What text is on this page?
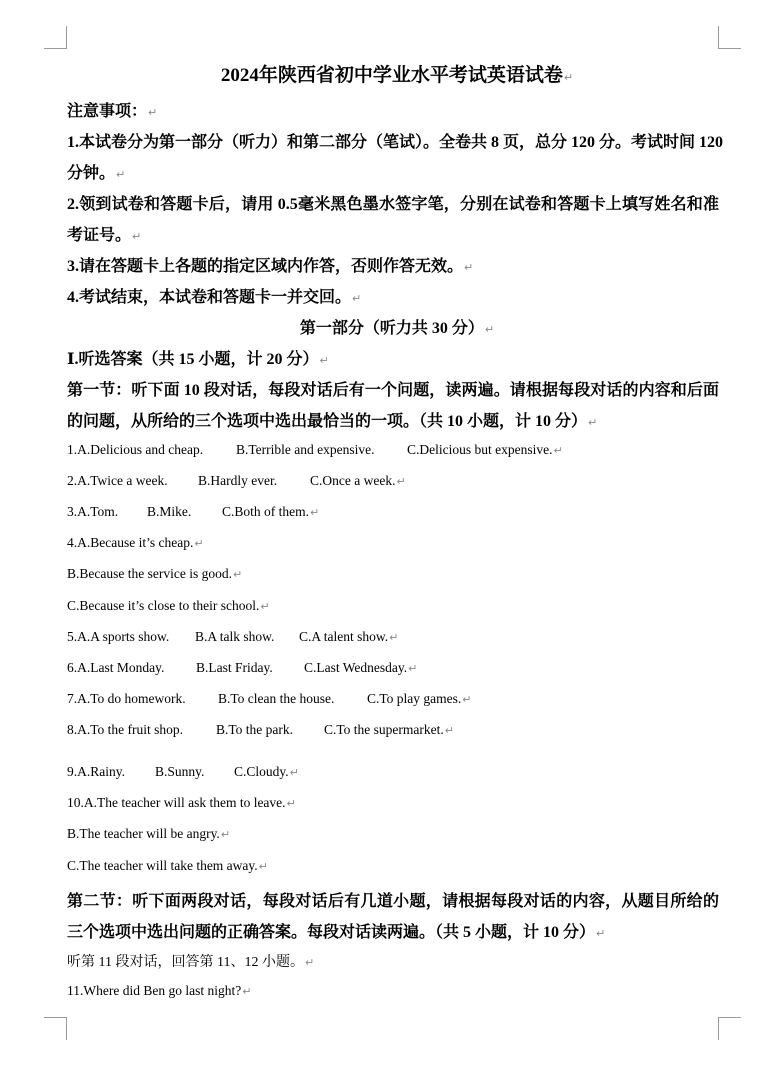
2024年陕西省初中学业水平考试英语试卷↵
注意事项：↵
1.本试卷分为第一部分（听力）和第二部分（笔试）。全卷共 8 页，总分 120 分。考试时间 120
分钟。↵
2.领到试卷和答题卡后，请用 0.5毫米黑色墨水签字笔，分别在试卷和答题卡上填写姓名和准
考证号。↵
3.请在答题卡上各题的指定区域内作答，否则作答无效。↵
4.考试结束，本试卷和答题卡一并交回。↵
第一部分（听力共 30 分）↵
Ⅰ.听选答案（共 15 小题，计 20 分）↵
第一节：听下面 10 段对话，每段对话后有一个问题，读两遍。请根据每段对话的内容和后面
的问题，从所给的三个选项中选出最恰当的一项。（共 10 小题，计 10 分）↵
1.A.Delicious and cheap. B.Terrible and expensive. C.Delicious but expensive.↵
2.A.Twice a week. B.Hardly ever. C.Once a week.↵
3.A.Tom. B.Mike. C.Both of them.↵
4.A.Because it’s cheap.↵
B.Because the service is good.↵
C.Because it’s close to their school.↵
5.A.A sports show. B.A talk show. C.A talent show.↵
6.A.Last Monday. B.Last Friday. C.Last Wednesday.↵
7.A.To do homework. B.To clean the house. C.To play games.↵
8.A.To the fruit shop. B.To the park. C.To the supermarket.↵
9.A.Rainy. B.Sunny. C.Cloudy.↵
10.A.The teacher will ask them to leave.↵
B.The teacher will be angry.↵
C.The teacher will take them away.↵
第二节：听下面两段对话，每段对话后有几道小题，请根据每段对话的内容，从题目所给的
三个选项中选出问题的正确答案。每段对话读两遍。（共 5 小题，计 10 分）↵
听第 11 段对话，回答第 11、12 小题。↵
11.Where did Ben go last night?↵
